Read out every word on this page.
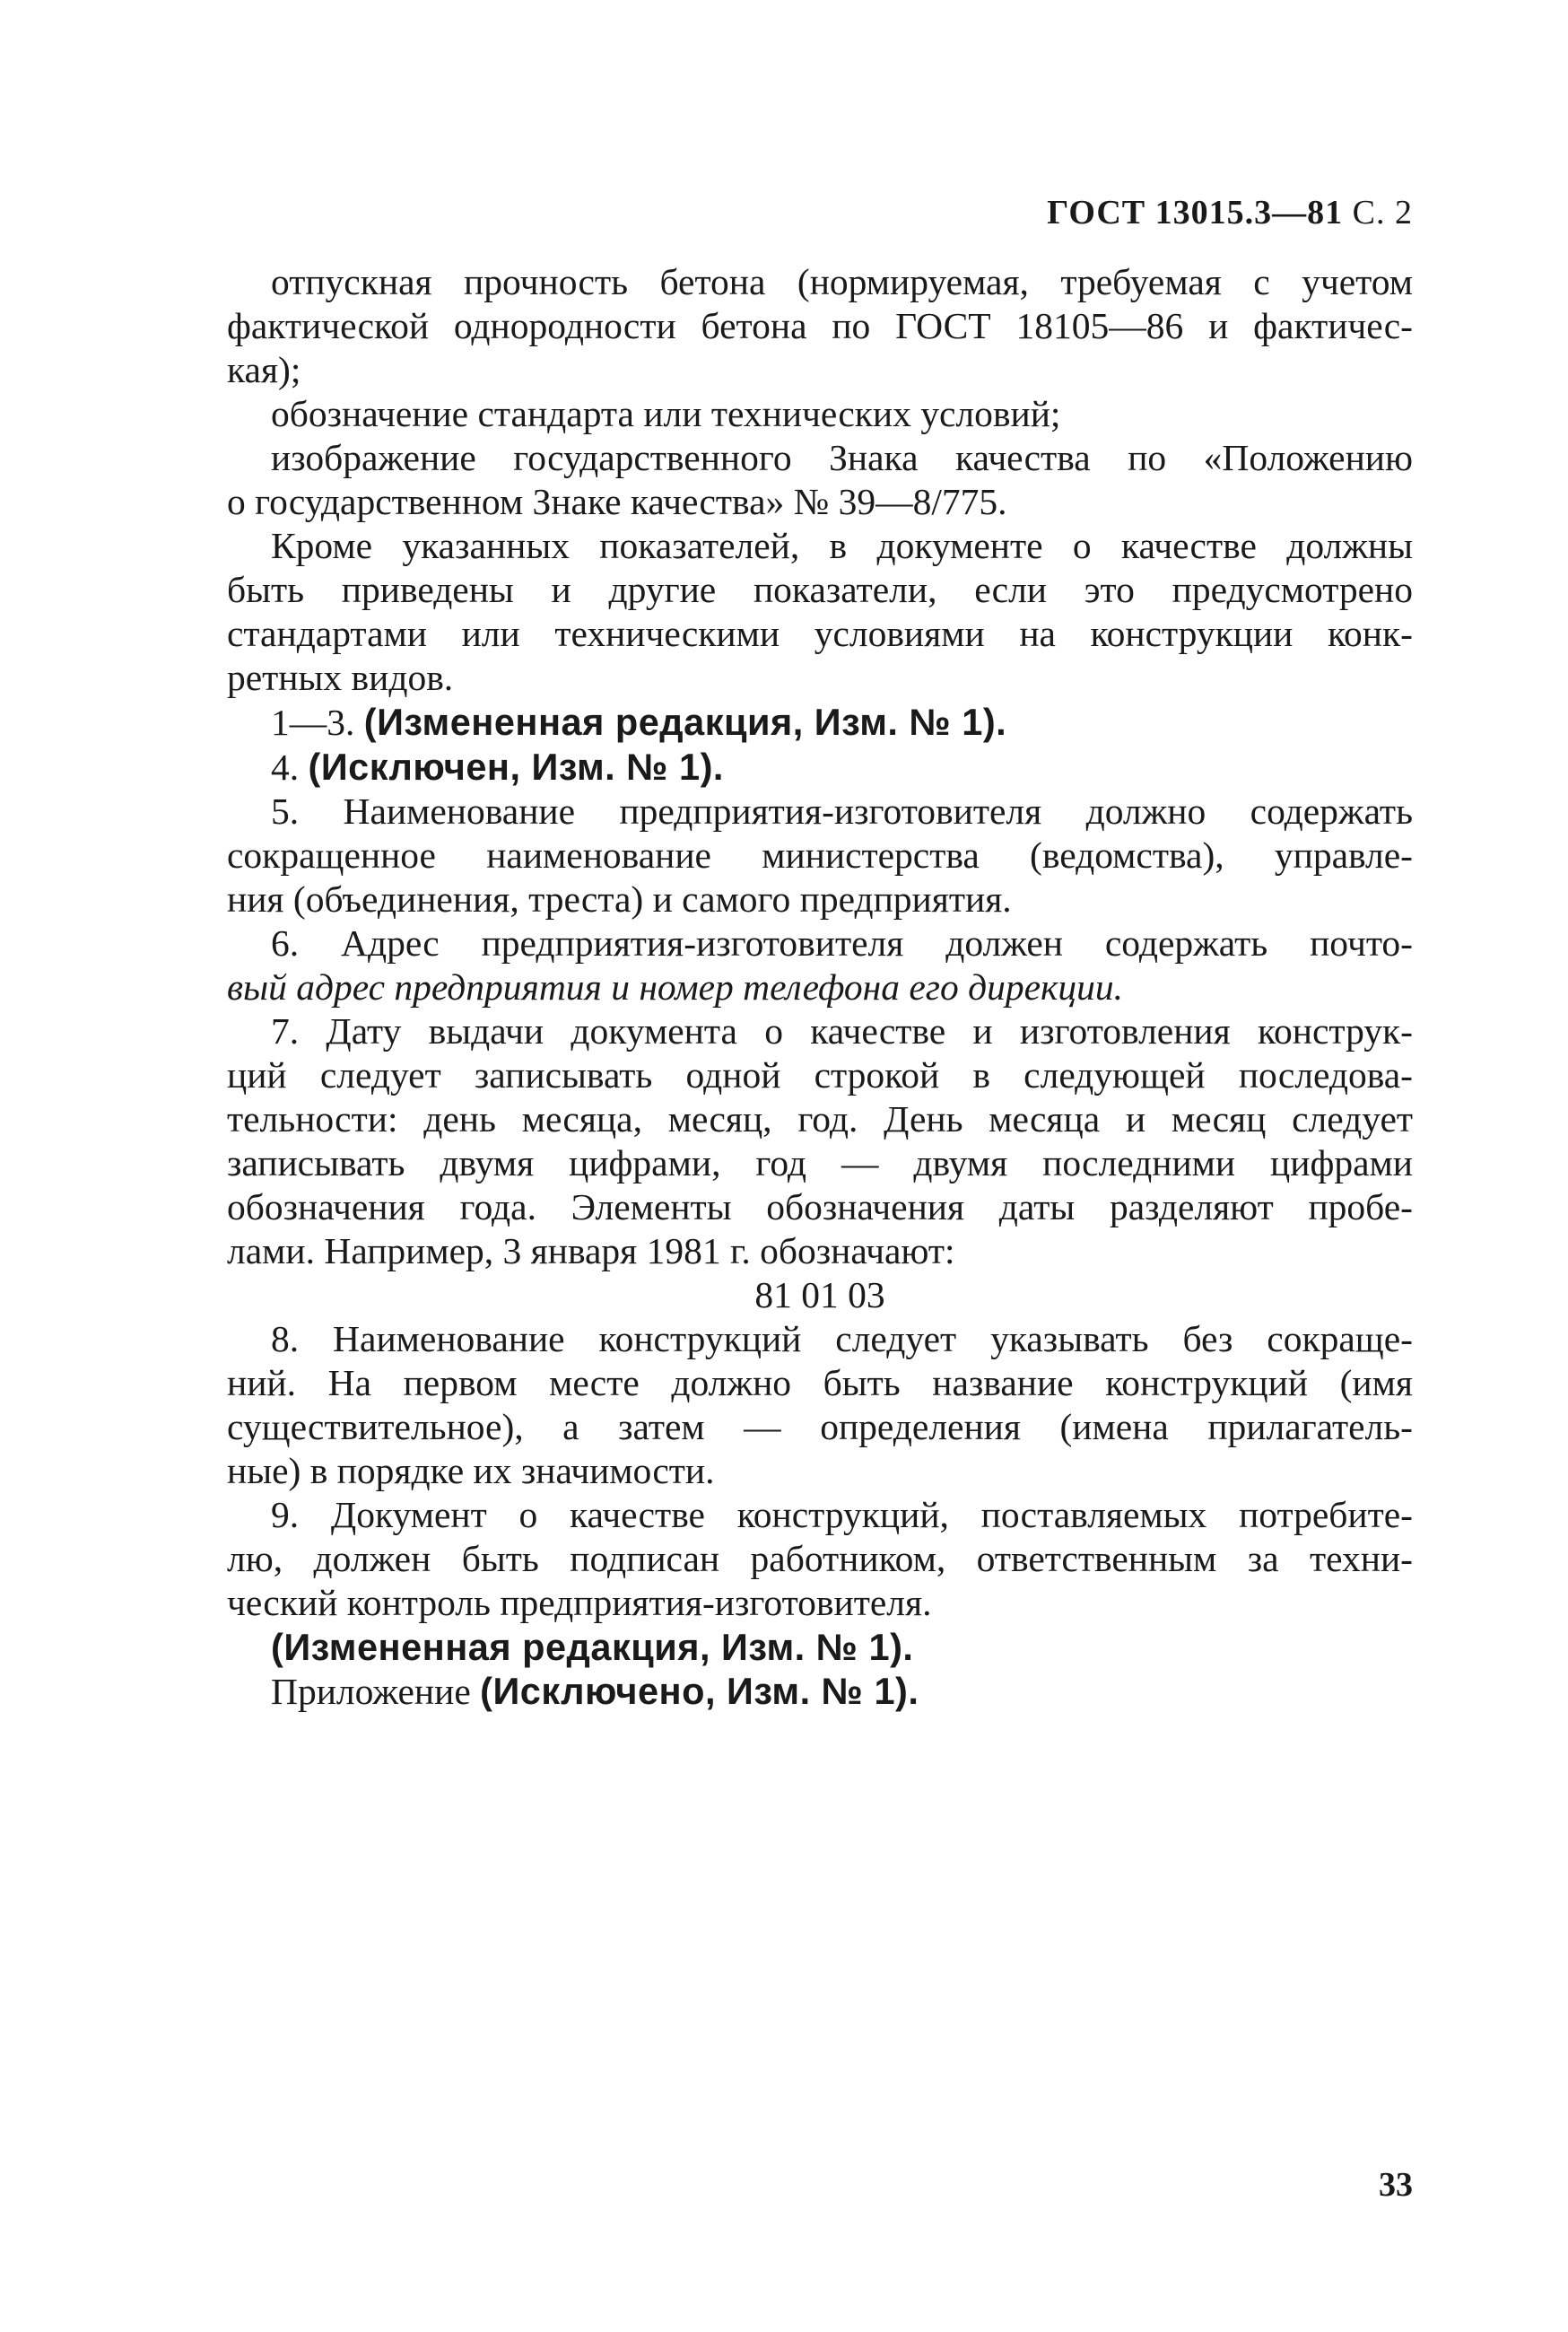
ГОСТ 13015.3—81 С. 2
отпускная прочность бетона (нормируемая, требуемая с учетом
фактической однородности бетона по ГОСТ 18105—86 и фактичес-
кая);
обозначение стандарта или технических условий;
изображение государственного Знака качества по «Положению
о государственном Знаке качества» № 39—8/775.
Кроме указанных показателей, в документе о качестве должны
быть приведены и другие показатели, если это предусмотрено
стандартами или техническими условиями на конструкции конк-
ретных видов.
1—3. (Измененная редакция, Изм. № 1).
4. (Исключен, Изм. № 1).
5. Наименование предприятия-изготовителя должно содержать
сокращенное наименование министерства (ведомства), управле-
ния (объединения, треста) и самого предприятия.
6. Адрес предприятия-изготовителя должен содержать почто-
вый адрес предприятия и номер телефона его дирекции.
7. Дату выдачи документа о качестве и изготовления конструк-
ций следует записывать одной строкой в следующей последова-
тельности: день месяца, месяц, год. День месяца и месяц следует
записывать двумя цифрами, год — двумя последними цифрами
обозначения года. Элементы обозначения даты разделяют пробе-
лами. Например, 3 января 1981 г. обозначают:
81 01 03
8. Наименование конструкций следует указывать без сокраще-
ний. На первом месте должно быть название конструкций (имя
существительное), а затем — определения (имена прилагатель-
ные) в порядке их значимости.
9. Документ о качестве конструкций, поставляемых потребите-
лю, должен быть подписан работником, ответственным за техни-
ческий контроль предприятия-изготовителя.
(Измененная редакция, Изм. № 1).
Приложение (Исключено, Изм. № 1).
33
